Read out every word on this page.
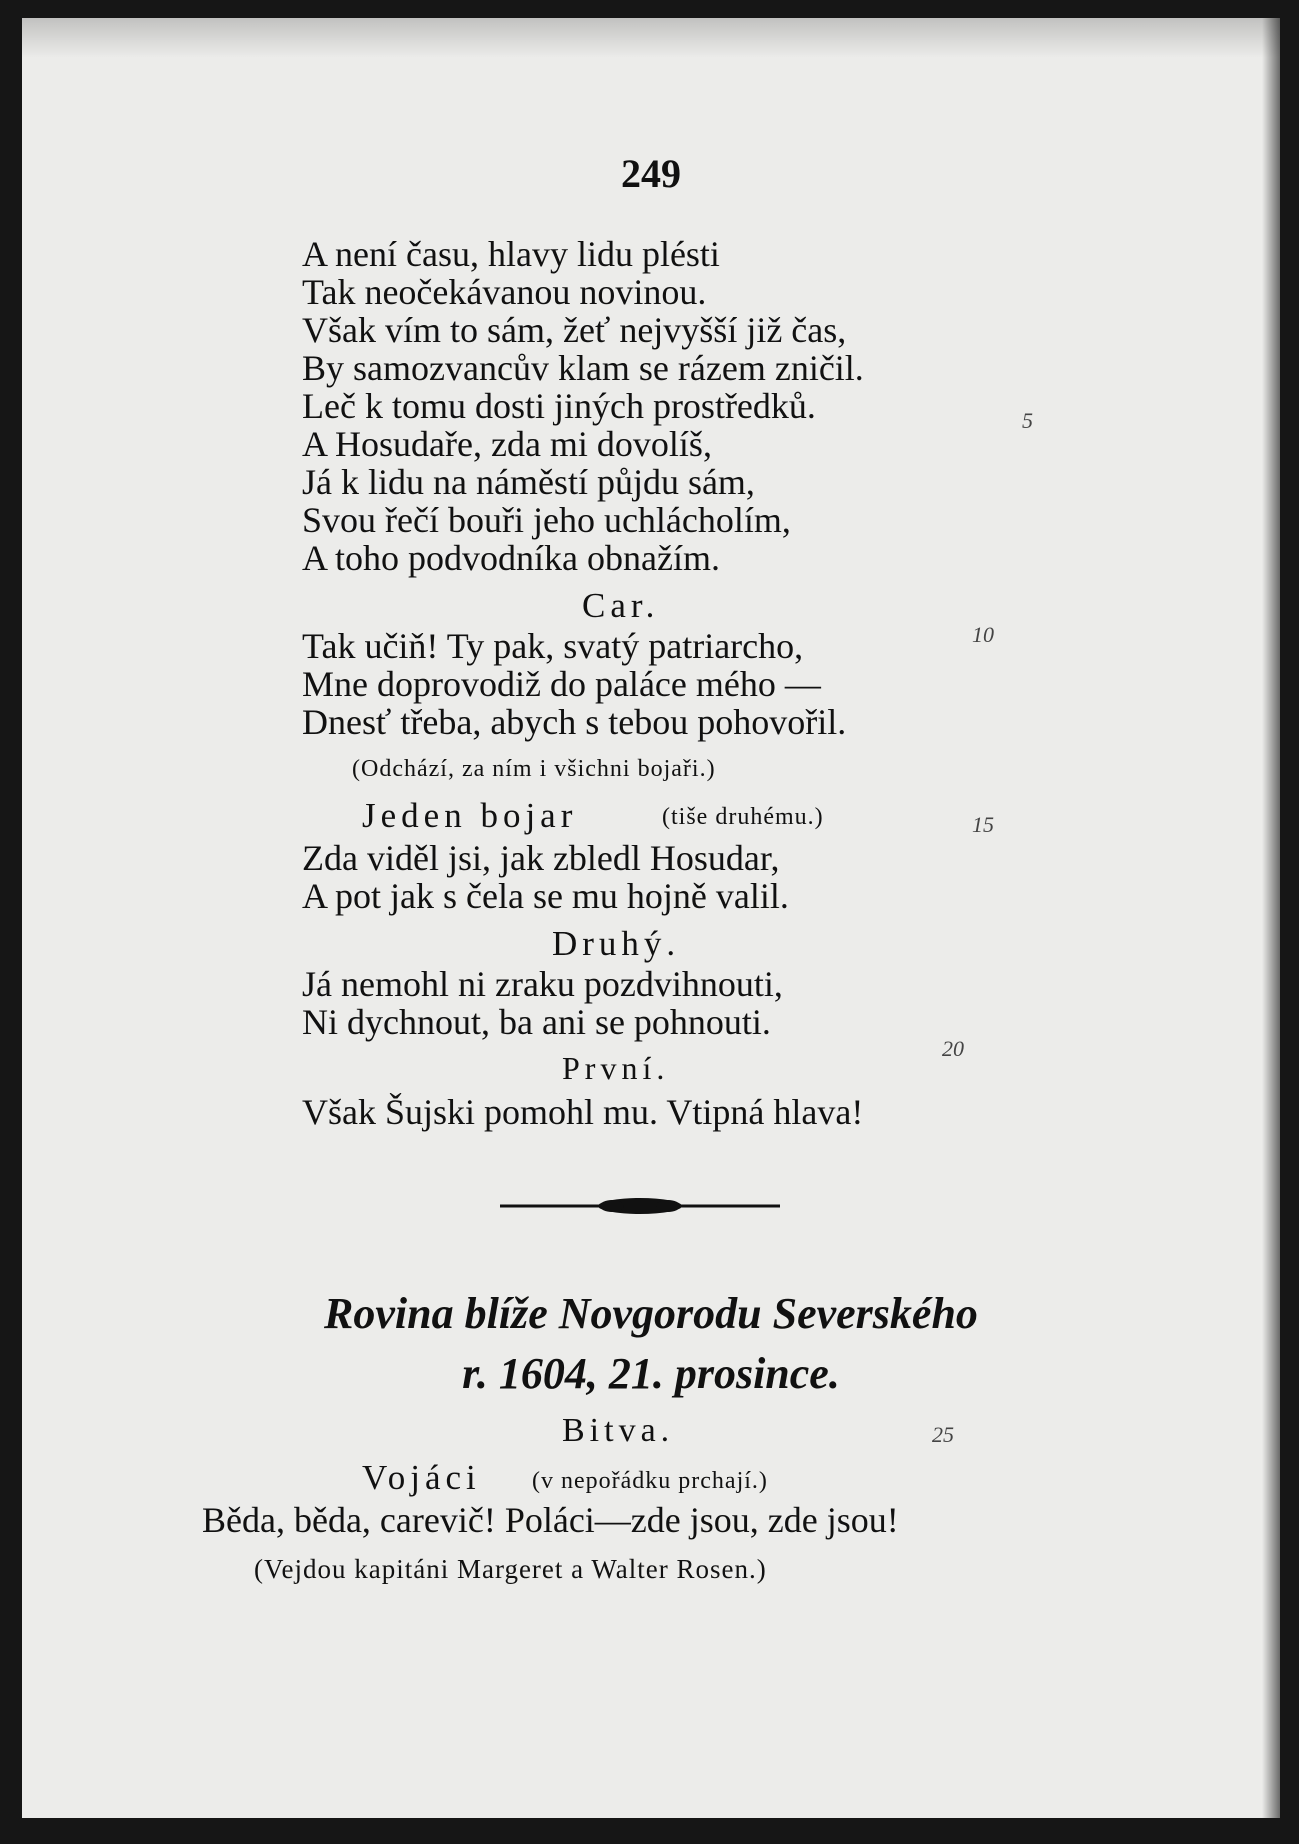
249
A není času, hlavy lidu plésti
Tak neočekávanou novinou.
Však vím to sám, žeť nejvyšší již čas,
By samozvancův klam se rázem zničil.
Leč k tomu dosti jiných prostředků.
A Hosudaře, zda mi dovolíš,
Já k lidu na náměstí půjdu sám,
Svou řečí bouři jeho uchlácholím,
A toho podvodníka obnažím.
Car.
Tak učiň! Ty pak, svatý patriarcho,
Mne doprovodiž do paláce mého —
Dnesť třeba, abych s tebou pohovořil.
(Odchází, za ním i všichni bojaři.)
Jeden bojar	(tiše druhému.)
Zda viděl jsi, jak zbledl Hosudar,
A pot jak s čela se mu hojně valil.
Druhý.
Já nemohl ni zraku pozdvihnouti,
Ni dychnout, ba ani se pohnouti.
První.
Však Šujski pomohl mu. Vtipná hlava!
Rovina blíže Novgorodu Severského
r. 1604, 21. prosince.
Bitva.
Vojáci (v nepořádku prchají.)
Běda, běda, carevič! Poláci—zde jsou, zde jsou!
(Vejdou kapitáni Margeret a Walter Rosen.)
5
10
15
20
25
